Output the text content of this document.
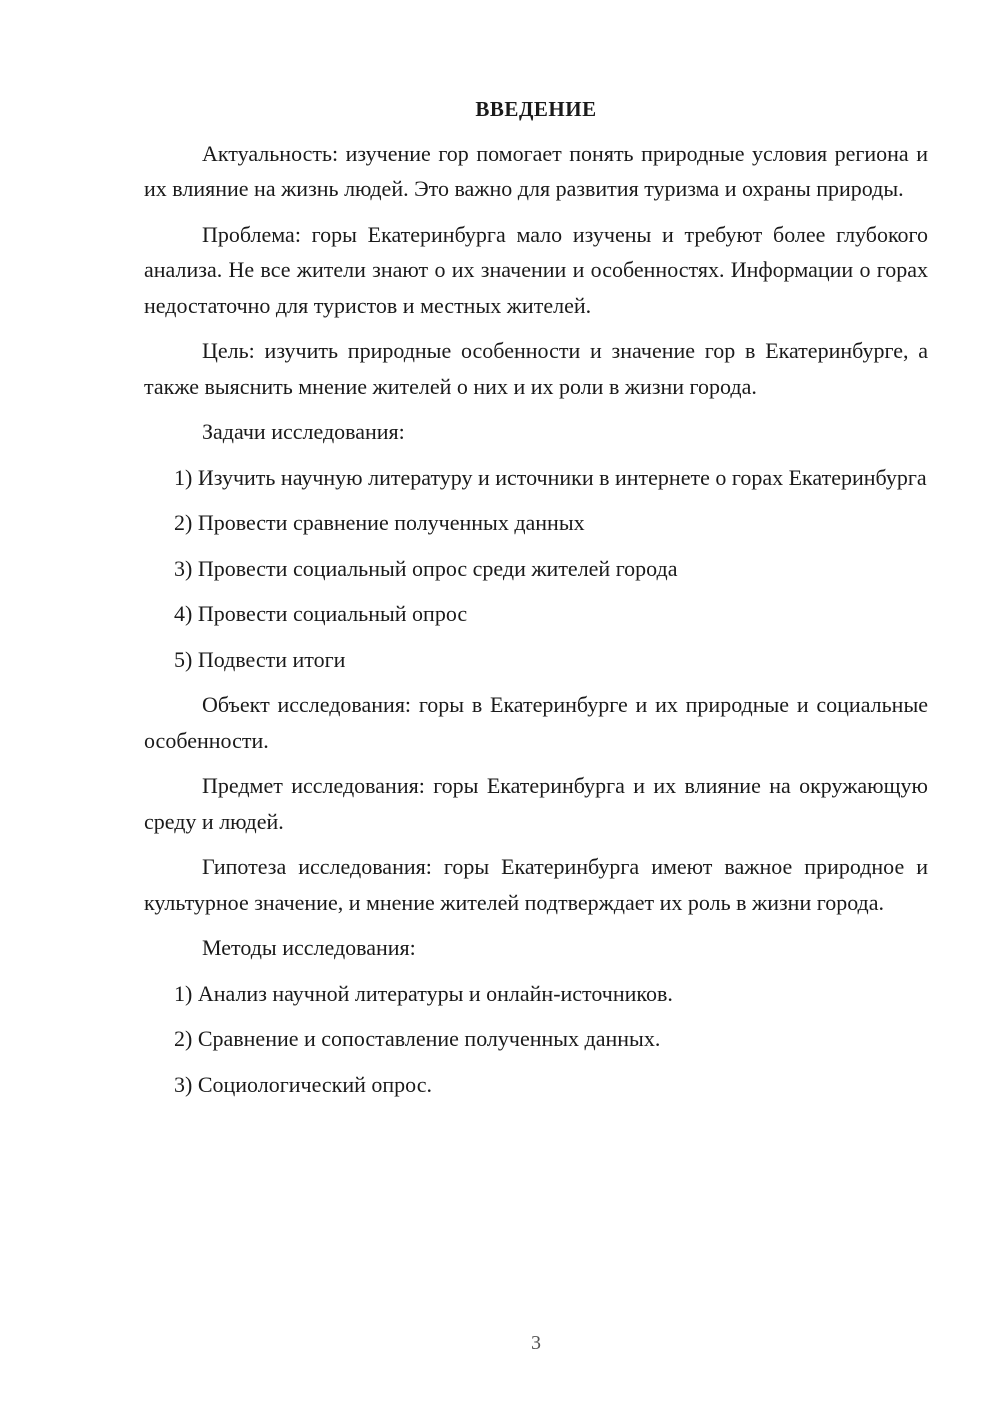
ВВЕДЕНИЕ

Актуальность: изучение гор помогает понять природные условия региона и их влияние на жизнь людей. Это важно для развития туризма и охраны природы.

Проблема: горы Екатеринбурга мало изучены и требуют более глубокого анализа. Не все жители знают о их значении и особенностях. Информации о горах недостаточно для туристов и местных жителей.

Цель: изучить природные особенности и значение гор в Екатеринбурге, а также выяснить мнение жителей о них и их роли в жизни города.

Задачи исследования:

1) Изучить научную литературу и источники в интернете о горах Екатеринбурга

2) Провести сравнение полученных данных

3) Провести социальный опрос среди жителей города

4) Провести социальный опрос

5) Подвести итоги

Объект исследования: горы в Екатеринбурге и их природные и социальные особенности.

Предмет исследования: горы Екатеринбурга и их влияние на окружающую среду и людей.

Гипотеза исследования: горы Екатеринбурга имеют важное природное и культурное значение, и мнение жителей подтверждает их роль в жизни города.

Методы исследования:

1) Анализ научной литературы и онлайн-источников.

2) Сравнение и сопоставление полученных данных.

3) Социологический опрос.

3
